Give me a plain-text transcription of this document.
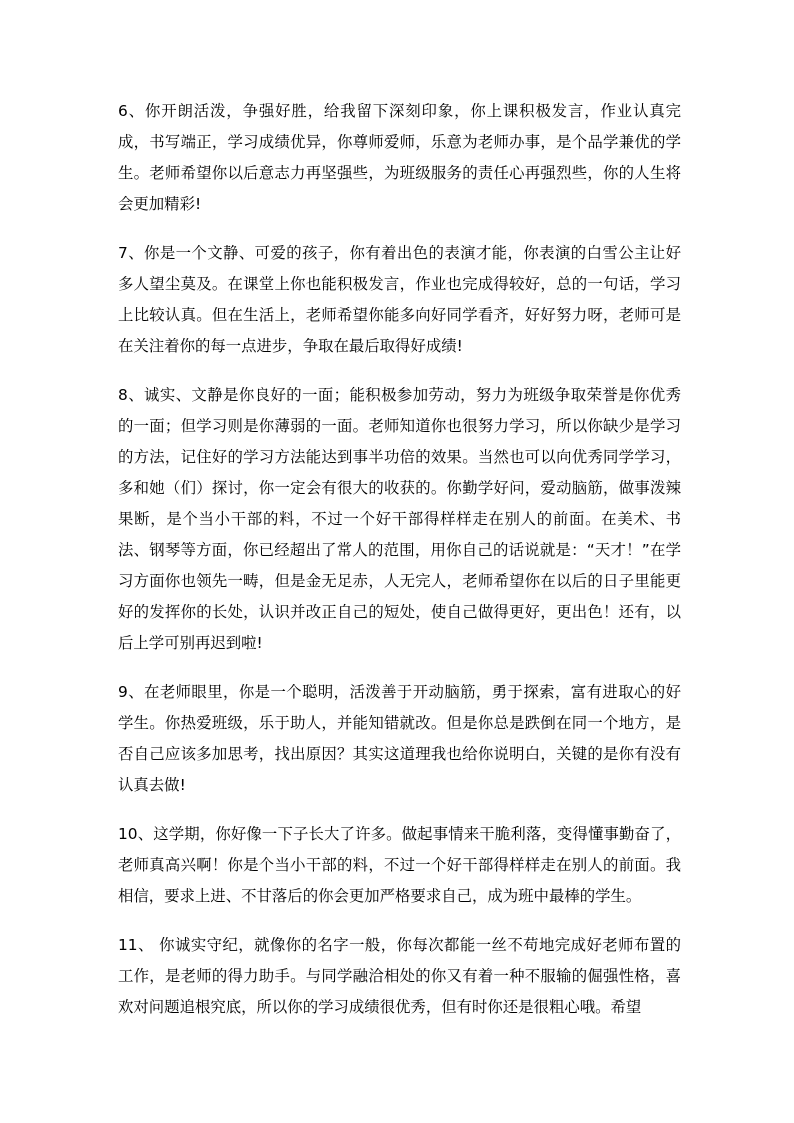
6、你开朗活泼，争强好胜，给我留下深刻印象，你上课积极发言，作业认真完成，书写端正，学习成绩优异，你尊师爱师，乐意为老师办事，是个品学兼优的学生。老师希望你以后意志力再坚强些，为班级服务的责任心再强烈些，你的人生将会更加精彩!

7、你是一个文静、可爱的孩子，你有着出色的表演才能，你表演的白雪公主让好多人望尘莫及。在课堂上你也能积极发言，作业也完成得较好，总的一句话，学习上比较认真。但在生活上，老师希望你能多向好同学看齐，好好努力呀，老师可是在关注着你的每一点进步，争取在最后取得好成绩!

8、诚实、文静是你良好的一面；能积极参加劳动，努力为班级争取荣誉是你优秀的一面；但学习则是你薄弱的一面。老师知道你也很努力学习，所以你缺少是学习的方法，记住好的学习方法能达到事半功倍的效果。当然也可以向优秀同学学习，多和她（们）探讨，你一定会有很大的收获的。你勤学好问，爱动脑筋，做事泼辣果断，是个当小干部的料，不过一个好干部得样样走在别人的前面。在美术、书法、钢琴等方面，你已经超出了常人的范围，用你自己的话说就是：“天才！”在学习方面你也领先一畴，但是金无足赤，人无完人，老师希望你在以后的日子里能更好的发挥你的长处，认识并改正自己的短处，使自己做得更好，更出色！还有，以后上学可别再迟到啦!

9、在老师眼里，你是一个聪明，活泼善于开动脑筋，勇于探索，富有进取心的好学生。你热爱班级，乐于助人，并能知错就改。但是你总是跌倒在同一个地方，是否自己应该多加思考，找出原因？其实这道理我也给你说明白，关键的是你有没有认真去做!

10、这学期，你好像一下子长大了许多。做起事情来干脆利落，变得懂事勤奋了，老师真高兴啊！你是个当小干部的料，不过一个好干部得样样走在别人的前面。我相信，要求上进、不甘落后的你会更加严格要求自己，成为班中最棒的学生。

11、 你诚实守纪，就像你的名字一般，你每次都能一丝不苟地完成好老师布置的工作，是老师的得力助手。与同学融洽相处的你又有着一种不服输的倔强性格，喜欢对问题追根究底，所以你的学习成绩很优秀，但有时你还是很粗心哦。希望
